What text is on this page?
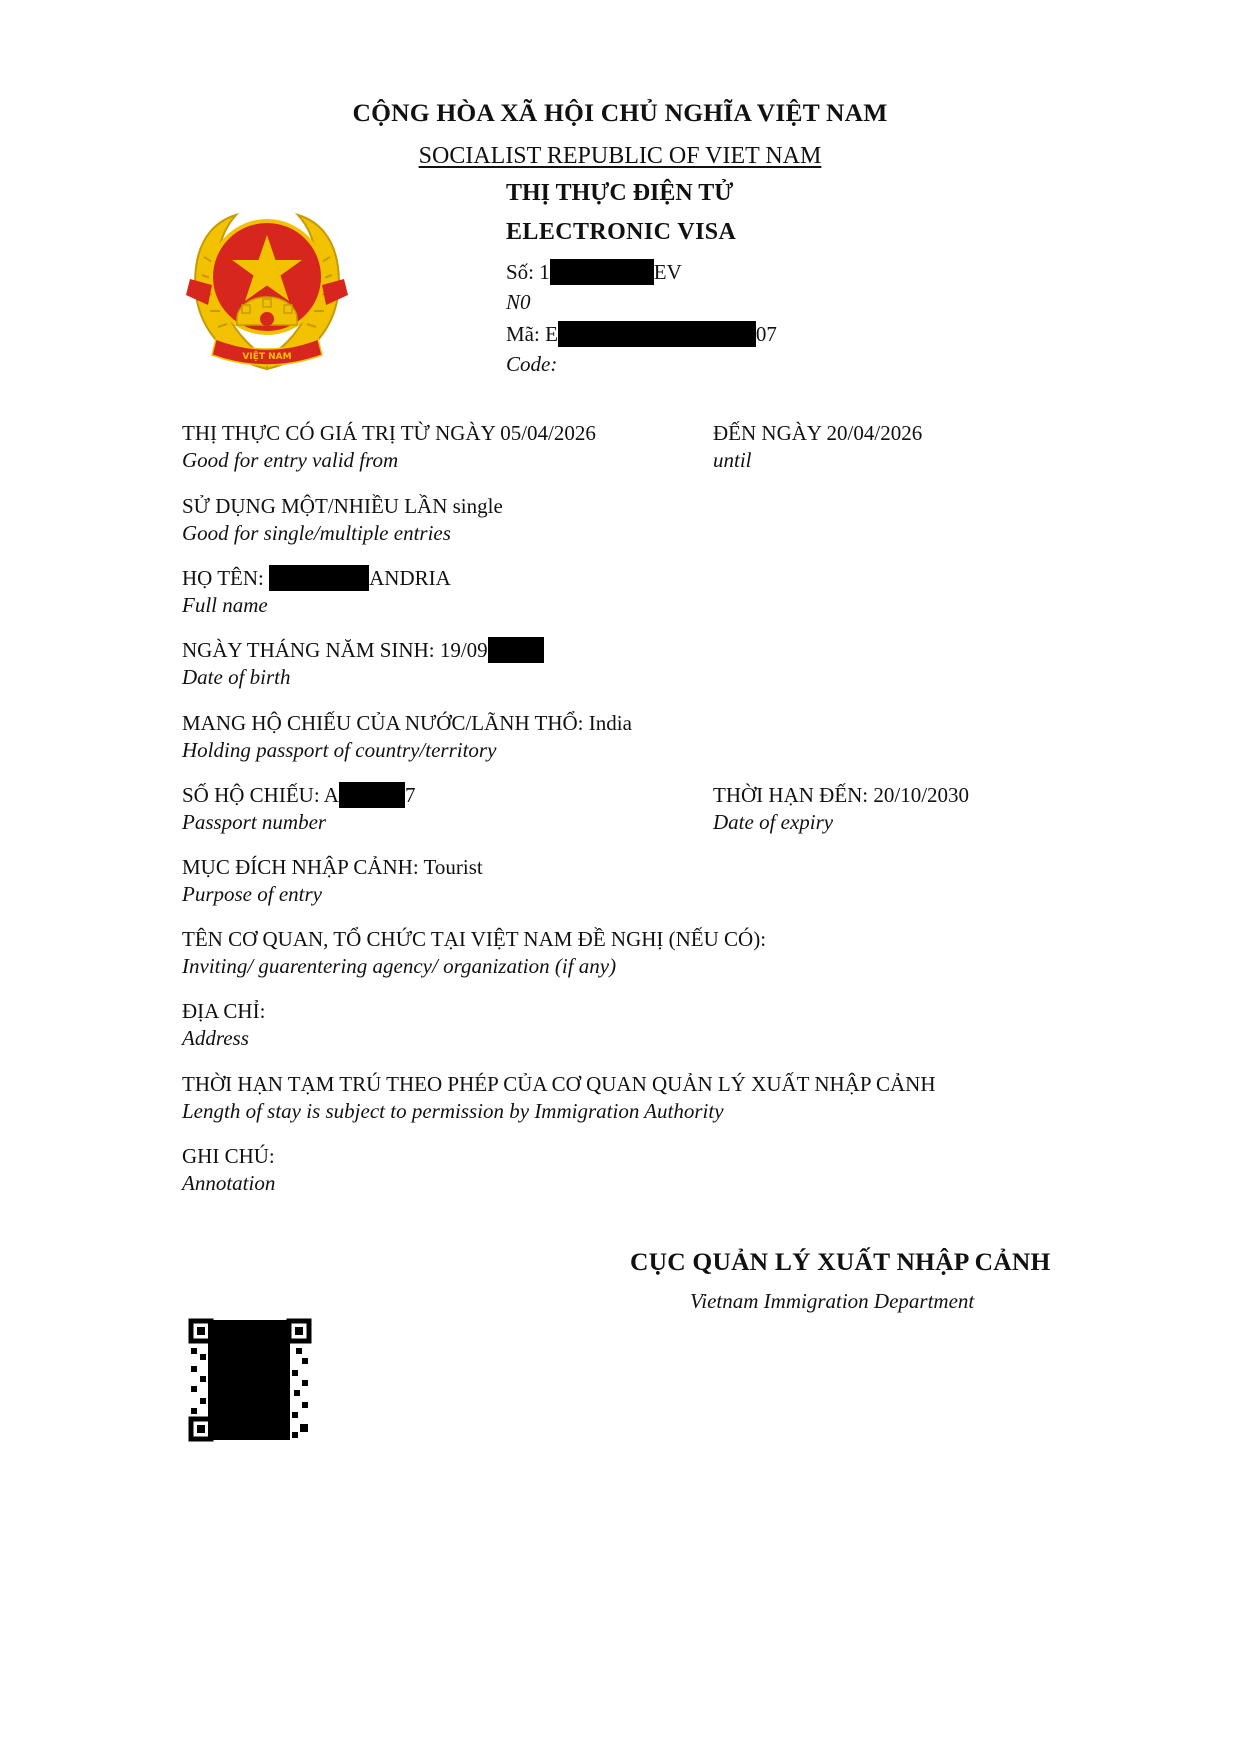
CỘNG HÒA XÃ HỘI CHỦ NGHĨA VIỆT NAM
SOCIALIST REPUBLIC OF VIET NAM
THỊ THỰC ĐIỆN TỬ
ELECTRONIC VISA
VIỆT NAM
Số: 1	EV
N0
Mã: E	07
Code:
THỊ THỰC CÓ GIÁ TRỊ TỪ NGÀY 05/04/2026
Good for entry valid from
ĐẾN NGÀY 20/04/2026
until
SỬ DỤNG MỘT/NHIỀU LẦN single
Good for single/multiple entries
HỌ TÊN:	ANDRIA
Full name
NGÀY THÁNG NĂM SINH: 19/09
Date of birth
MANG HỘ CHIẾU CỦA NƯỚC/LÃNH THỔ: India
Holding passport of country/territory
SỐ HỘ CHIẾU: A	7
Passport number
THỜI HẠN ĐẾN: 20/10/2030
Date of expiry
MỤC ĐÍCH NHẬP CẢNH: Tourist
Purpose of entry
TÊN CƠ QUAN, TỔ CHỨC TẠI VIỆT NAM ĐỀ NGHỊ (NẾU CÓ):
Inviting/ guarentering agency/ organization (if any)
ĐỊA CHỈ:
Address
THỜI HẠN TẠM TRÚ THEO PHÉP CỦA CƠ QUAN QUẢN LÝ XUẤT NHẬP CẢNH
Length of stay is subject to permission by Immigration Authority
GHI CHÚ:
Annotation
CỤC QUẢN LÝ XUẤT NHẬP CẢNH
Vietnam Immigration Department
